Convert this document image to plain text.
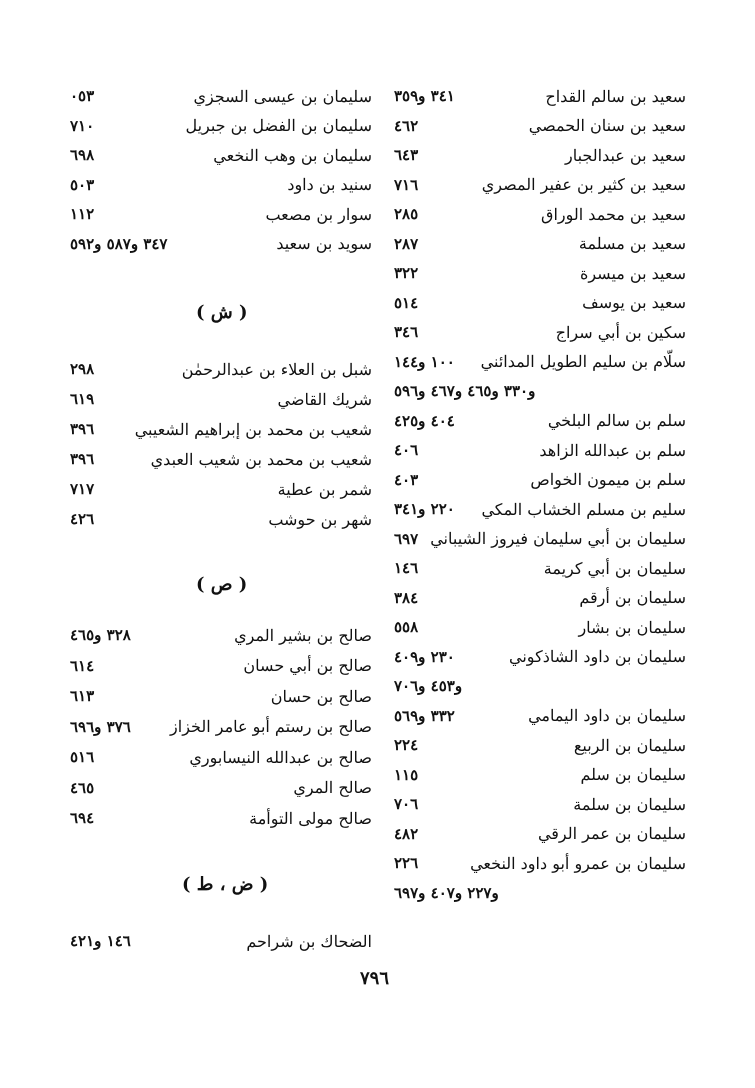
سعيد بن سالم القداح
٣٤١ و٣٥٩
سعيد بن سنان الحمصي
٤٦٢
سعيد بن عبدالجبار
٦٤٣
سعيد بن كثير بن عفير المصري
٧١٦
سعيد بن محمد الوراق
٢٨٥
سعيد بن مسلمة
٢٨٧
سعيد بن ميسرة
٣٢٢
سعيد بن يوسف
٥١٤
سكين بن أبي سراج
٣٤٦
سلّام بن سليم الطويل المدائني
١٠٠ و١٤٤
و٣٣٠ و٤٦٥ و٤٦٧ و٥٩٦
سلم بن سالم البلخي
٤٠٤ و٤٢٥
سلم بن عبدالله الزاهد
٤٠٦
سلم بن ميمون الخواص
٤٠٣
سليم بن مسلم الخشاب المكي
٢٢٠ و٣٤١
سليمان بن أبي سليمان فيروز الشيباني
٦٩٧
سليمان بن أبي كريمة
١٤٦
سليمان بن أرقم
٣٨٤
سليمان بن بشار
٥٥٨
سليمان بن داود الشاذكوني
٢٣٠ و٤٠٩
و٤٥٣ و٧٠٦
سليمان بن داود اليمامي
٣٣٢ و٥٦٩
سليمان بن الربيع
٢٢٤
سليمان بن سلم
١١٥
سليمان بن سلمة
٧٠٦
سليمان بن عمر الرقي
٤٨٢
سليمان بن عمرو أبو داود النخعي
٢٢٦
و٢٢٧ و٤٠٧ و٦٩٧
( ش )
( ص )
( ض ، ط )
سليمان بن عيسى السجزي
٠٥٣
سليمان بن الفضل بن جبريل
٧١٠
سليمان بن وهب النخعي
٦٩٨
سنيد بن داود
٥٠٣
سوار بن مصعب
١١٢
سويد بن سعيد
٣٤٧ و٥٨٧ و٥٩٢
شبل بن العلاء بن عبدالرحمٰن
٢٩٨
شريك القاضي
٦١٩
شعيب بن محمد بن إبراهيم الشعيبي
٣٩٦
شعيب بن محمد بن شعيب العبدي
٣٩٦
شمر بن عطية
٧١٧
شهر بن حوشب
٤٢٦
صالح بن بشير المري
٣٢٨ و٤٦٥
صالح بن أبي حسان
٦١٤
صالح بن حسان
٦١٣
صالح بن رستم أبو عامر الخزاز
٣٧٦ و٦٩٦
صالح بن عبدالله النيسابوري
٥١٦
صالح المري
٤٦٥
صالح مولى التوأمة
٦٩٤
الضحاك بن شراحم
١٤٦ و٤٢١
٧٩٦
